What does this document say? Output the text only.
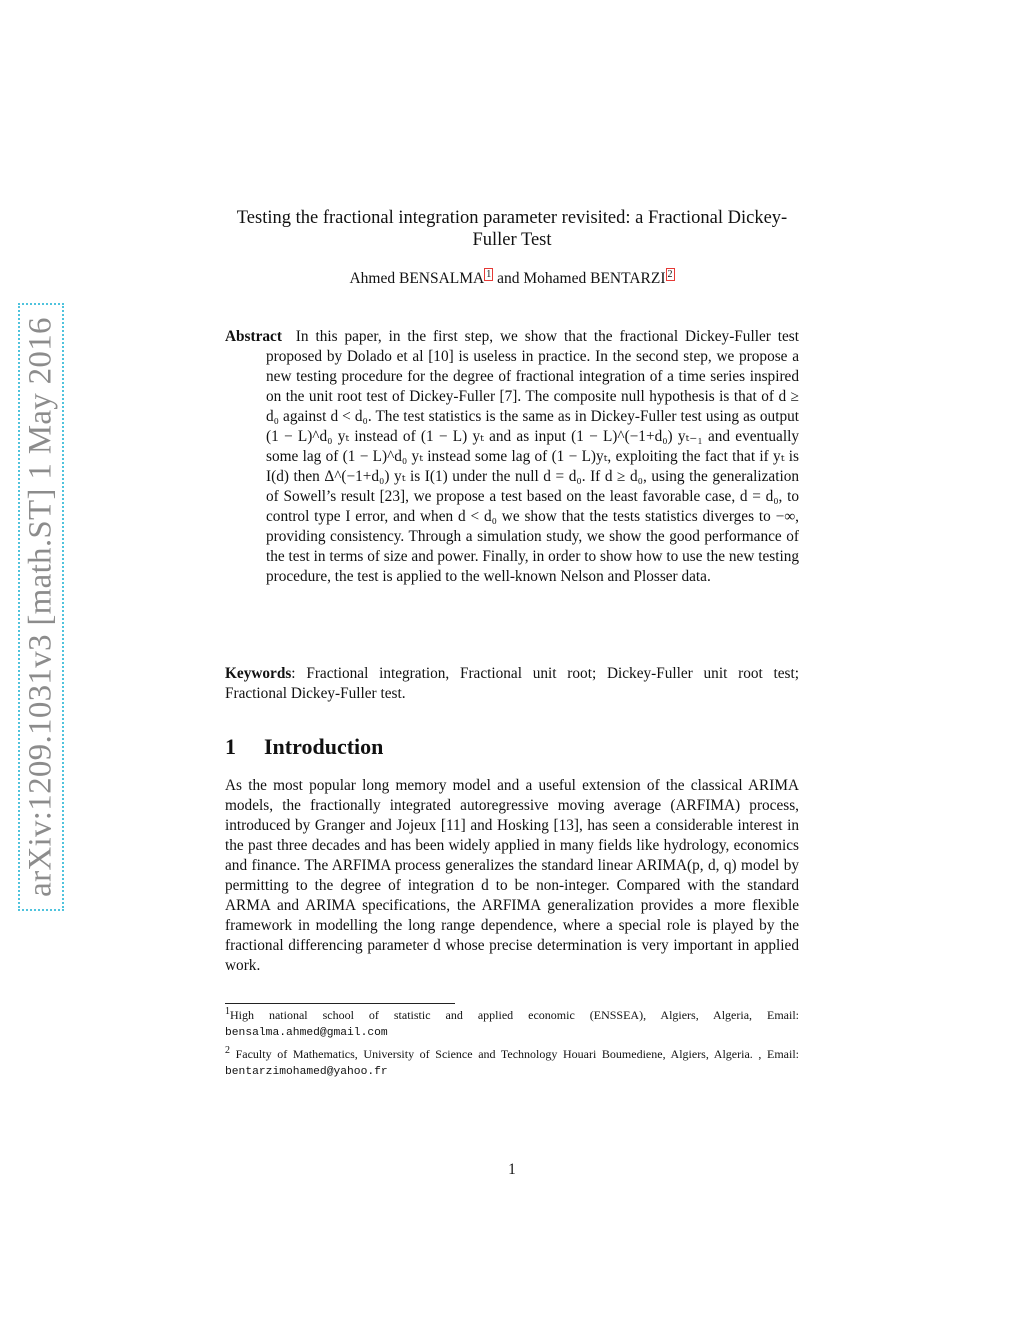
arXiv:1209.1031v3 [math.ST] 1 May 2016
Testing the fractional integration parameter revisited: a Fractional Dickey-Fuller Test
Ahmed BENSALMA $^1$ and Mohamed BENTARZI $^2$

Abstract In this paper, in the first step, we show that the fractional Dickey-Fuller test proposed by Dolado et al [10] is useless in practice. In the second step, we propose a new testing procedure for the degree of fractional integration of a time series inspired on the unit root test of Dickey-Fuller [7]. The composite null hypothesis is that of d ≥ d₀ against d < d₀. The test statistics is the same as in Dickey-Fuller test using as output (1 − L)^d₀ yₜ instead of (1 − L) yₜ and as input (1 − L)^(−1+d₀) yₜ₋₁ and eventually some lag of (1 − L)^d₀ yₜ instead some lag of (1 − L)yₜ, exploiting the fact that if yₜ is I(d) then Δ^(−1+d₀) yₜ is I(1) under the null d = d₀. If d ≥ d₀, using the generalization of Sowell’s result [23], we propose a test based on the least favorable case, d = d₀, to control type I error, and when d < d₀ we show that the tests statistics diverges to −∞, providing consistency. Through a simulation study, we show the good performance of the test in terms of size and power. Finally, in order to show how to use the new testing procedure, the test is applied to the well-known Nelson and Plosser data.

Keywords: Fractional integration, Fractional unit root; Dickey-Fuller unit root test; Fractional Dickey-Fuller test.

1 Introduction

As the most popular long memory model and a useful extension of the classical ARIMA models, the fractionally integrated autoregressive moving average (ARFIMA) process, introduced by Granger and Jojeux [11] and Hosking [13], has seen a considerable interest in the past three decades and has been widely applied in many fields like hydrology, economics and finance. The ARFIMA process generalizes the standard linear ARIMA(p, d, q) model by permitting to the degree of integration d to be non-integer. Compared with the standard ARMA and ARIMA specifications, the ARFIMA generalization provides a more flexible framework in modelling the long range dependence, where a special role is played by the fractional differencing parameter d whose precise determination is very important in applied work.

$^1$High national school of statistic and applied economic (ENSSEA), Algiers, Algeria, Email: bensalma.ahmed@gmail.com

$^2$ Faculty of Mathematics, University of Science and Technology Houari Boumediene, Algiers, Algeria. , Email: bentarzimohamed@yahoo.fr

1
